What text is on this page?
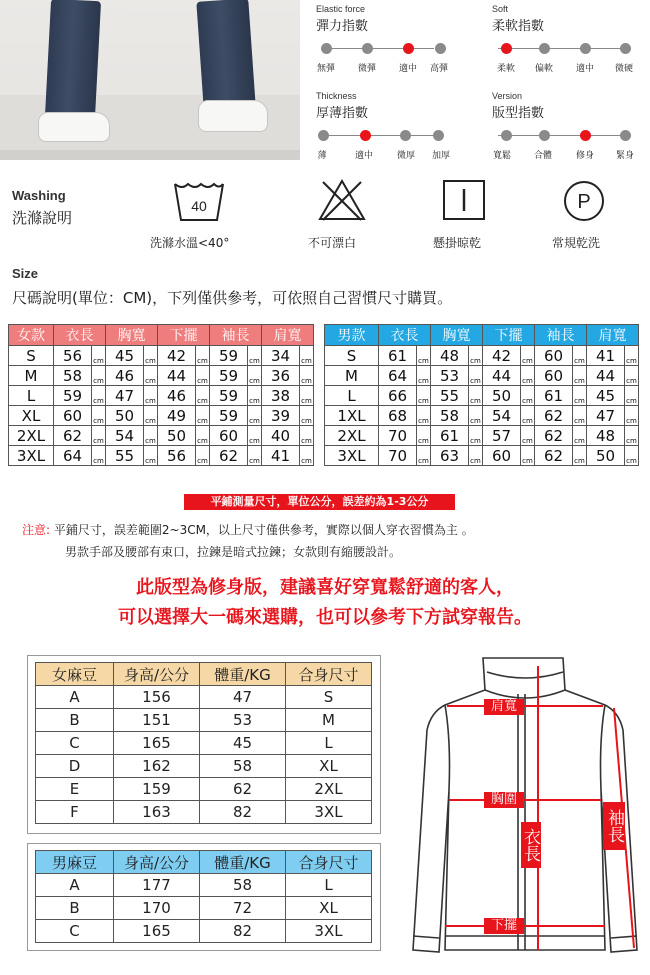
Elastic force
彈力指數
無彈	微彈	適中 高彈
Soft
柔軟指數
柔軟 偏軟	適中 微硬
Thickness
厚薄指數
薄	適中	微厚 加厚
Version
版型指數
寬鬆	合體	修身 緊身
Washing
洗滌說明
40	P
洗滌水溫<40°	不可漂白	懸掛晾乾	常規乾洗
Size
尺碼說明(單位：CM)，下列僅供參考，可依照自己習慣尺寸購買。
女款	衣長		胸寬		下擺		袖長		肩寬	
S	56	cm	45	cm	42	cm	59	cm	34	cm
M	58	cm	46	cm	44	cm	59	cm	36	cm
L	59	cm	47	cm	46	cm	59	cm	38	cm
XL	60	cm	50	cm	49	cm	59	cm	39	cm
2XL	62	cm	54	cm	50	cm	60	cm	40	cm
3XL	64	cm	55	cm	56	cm	62	cm	41	cm
男款	衣長		胸寬		下擺		袖長		肩寬	
S	61	cm	48	cm	42	cm	60	cm	41	cm
M	64	cm	53	cm	44	cm	60	cm	44	cm
L	66	cm	55	cm	50	cm	61	cm	45	cm
1XL	68	cm	58	cm	54	cm	62	cm	47	cm
2XL	70	cm	61	cm	57	cm	62	cm	48	cm
3XL	70	cm	63	cm	60	cm	62	cm	50	cm
平鋪測量尺寸，單位公分，誤差約為1-3公分
注意: 平鋪尺寸，誤差範圍2~3CM，以上尺寸僅供參考，實際以個人穿衣習慣為主 。
男款手部及腰部有束口，拉鍊是暗式拉鍊；女款則有縮腰設計。
此版型為修身版，建議喜好穿寬鬆舒適的客人，
可以選擇大一碼來選購，也可以參考下方試穿報告。
女麻豆	身高/公分	體重/KG	合身尺寸
A	156	47	S
B	151	53	M
C	165	45	L
D	162	58	XL
E	159	62	2XL
F	163	82	3XL
男麻豆	身高/公分	體重/KG	合身尺寸
A	177	58	L
B	170	72	XL
C	165	82	3XL
肩寬
胸圍
衣長
袖長
下擺
